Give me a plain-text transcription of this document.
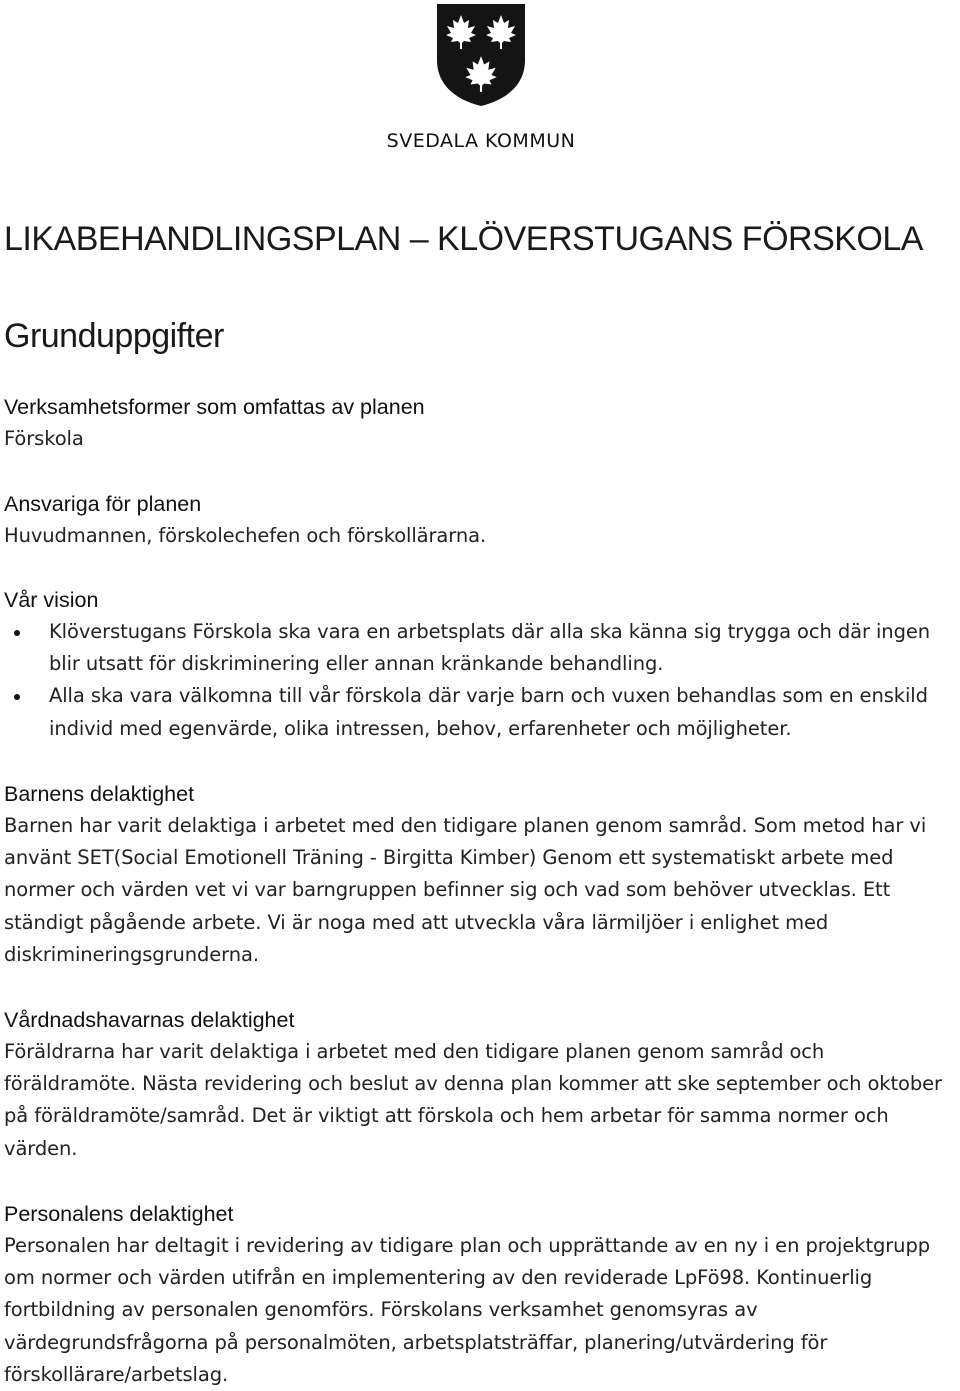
SVEDALA KOMMUN
LIKABEHANDLINGSPLAN – KLÖVERSTUGANS FÖRSKOLA
Grunduppgifter
Verksamhetsformer som omfattas av planen

Förskola

Ansvariga för planen

Huvudmannen, förskolechefen och förskollärarna.

Vår vision
Klöverstugans Förskola ska vara en arbetsplats där alla ska känna sig trygga och där ingen blir utsatt för diskriminering eller annan kränkande behandling.
Alla ska vara välkomna till vår förskola där varje barn och vuxen behandlas som en enskild individ med egenvärde, olika intressen, behov, erfarenheter och möjligheter.
Barnens delaktighet

Barnen har varit delaktiga i arbetet med den tidigare planen genom samråd. Som metod har vi använt SET(Social Emotionell Träning - Birgitta Kimber) Genom ett systematiskt arbete med normer och värden vet vi var barngruppen befinner sig och vad som behöver utvecklas. Ett ständigt pågående arbete. Vi är noga med att utveckla våra lärmiljöer i enlighet med diskrimineringsgrunderna.

Vårdnadshavarnas delaktighet

Föräldrarna har varit delaktiga i arbetet med den tidigare planen genom samråd och föräldramöte. Nästa revidering och beslut av denna plan kommer att ske september och oktober på föräldramöte/samråd. Det är viktigt att förskola och hem arbetar för samma normer och värden.

Personalens delaktighet

Personalen har deltagit i revidering av tidigare plan och upprättande av en ny i en projektgrupp om normer och värden utifrån en implementering av den reviderade LpFö98. Kontinuerlig fortbildning av personalen genomförs. Förskolans verksamhet genomsyras av värdegrundsfrågorna på personalmöten, arbetsplatsträffar, planering/utvärdering för förskollärare/arbetslag.
